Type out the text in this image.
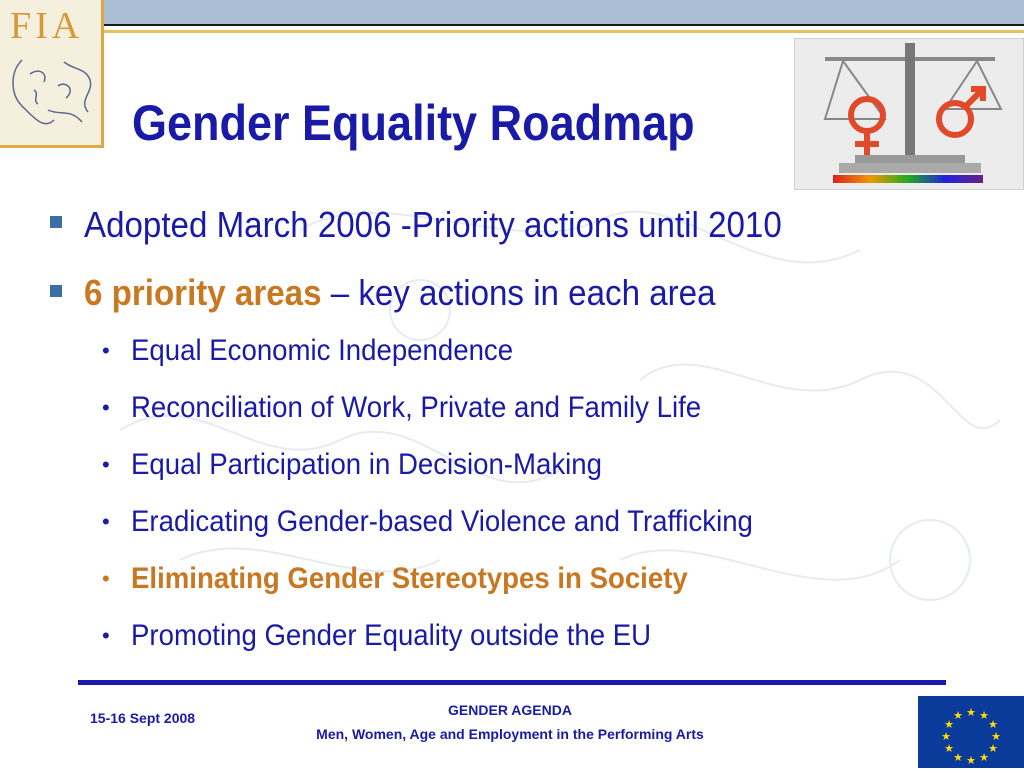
FIA
Gender Equality Roadmap
Adopted March 2006 -Priority actions until 2010
6 priority areas – key actions in each area
• Equal Economic Independence
• Reconciliation of Work, Private and Family Life
• Equal Participation in Decision-Making
• Eradicating Gender-based Violence and Trafficking
• Eliminating Gender Stereotypes in Society
• Promoting Gender Equality outside the EU
15-16 Sept 2008	GENDER AGENDA
Men, Women, Age and Employment in the Performing Arts
★ ★
★
★
★
★
★
★
★
★
★
★
